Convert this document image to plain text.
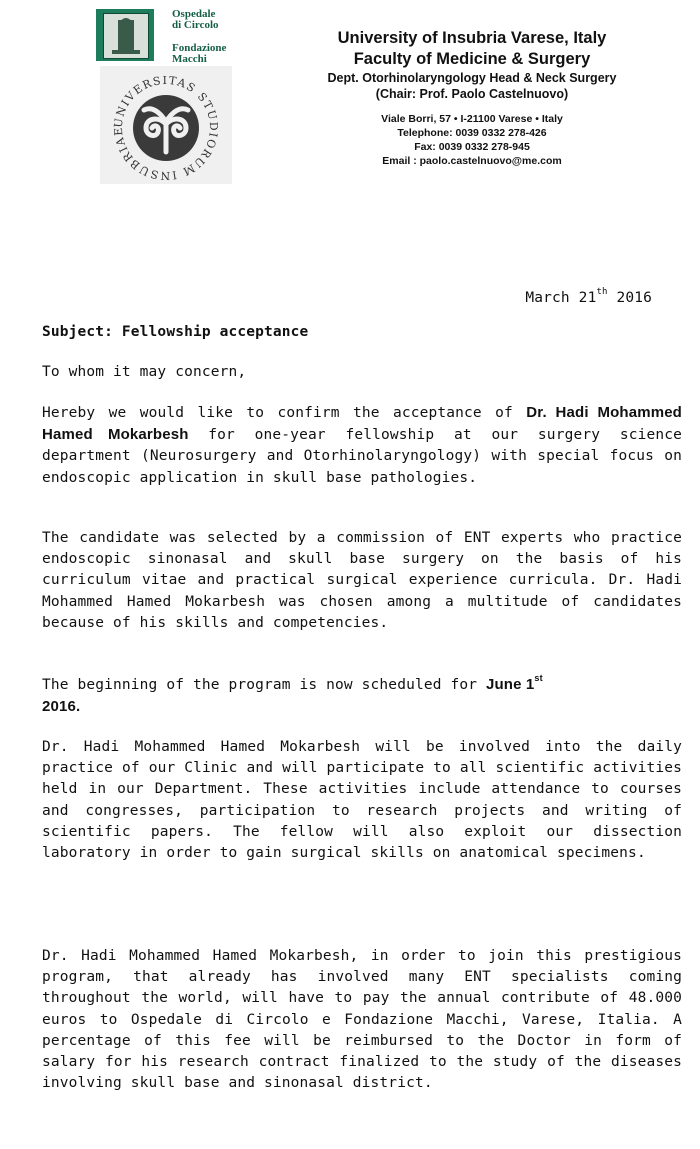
Ospedale
di Circolo
Fondazione
Macchi
UNIVERSITAS STUDIORUM INSUBRIAE
University of Insubria Varese, Italy
Faculty of Medicine & Surgery
Dept. Otorhinolaryngology Head & Neck Surgery
(Chair: Prof. Paolo Castelnuovo)
Viale Borri, 57 • I-21100 Varese • Italy
Telephone: 0039 0332 278-426
Fax: 0039 0332 278-945
Email : paolo.castelnuovo@me.com
March 21th 2016
Subject: Fellowship acceptance
To whom it may concern,

Hereby we would like to confirm the acceptance of Dr. Hadi Mohammed Hamed Mokarbesh for one-year fellowship at our surgery science department (Neurosurgery and Otorhinolaryngology) with special focus on endoscopic application in skull base pathologies.

The candidate was selected by a commission of ENT experts who practice endoscopic sinonasal and skull base surgery on the basis of his curriculum vitae and practical surgical experience curricula. Dr. Hadi Mohammed Hamed Mokarbesh was chosen among a multitude of candidates because of his skills and competencies.

The beginning of the program is now scheduled for June 1st
2016.

Dr. Hadi Mohammed Hamed Mokarbesh will be involved into the daily practice of our Clinic and will participate to all scientific activities held in our Department. These activities include attendance to courses and congresses, participation to research projects and writing of scientific papers. The fellow will also exploit our dissection laboratory in order to gain surgical skills on anatomical specimens.

Dr. Hadi Mohammed Hamed Mokarbesh, in order to join this prestigious program, that already has involved many ENT specialists coming throughout the world, will have to pay the annual contribute of 48.000 euros to Ospedale di Circolo e Fondazione Macchi, Varese, Italia. A percentage of this fee will be reimbursed to the Doctor in form of salary for his research contract finalized to the study of the diseases involving skull base and sinonasal district.
